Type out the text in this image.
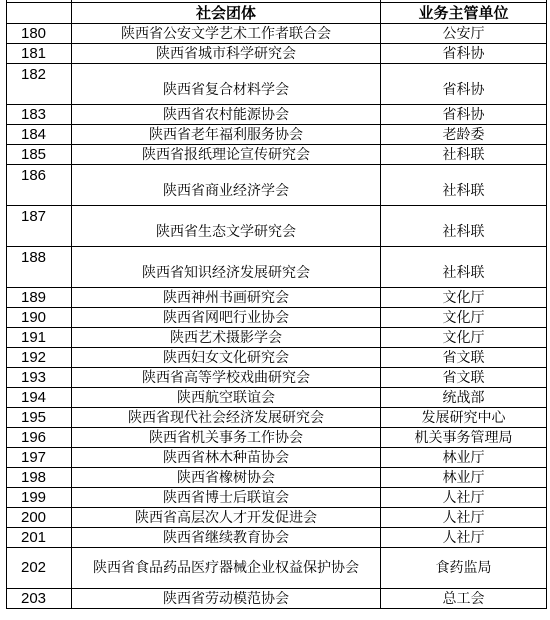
	社会团体	业务主管单位
180	陕西省公安文学艺术工作者联合会	公安厅
181	陕西省城市科学研究会	省科协
182	陕西省复合材料学会	省科协
183	陕西省农村能源协会	省科协
184	陕西省老年福利服务协会	老龄委
185	陕西省报纸理论宣传研究会	社科联
186	陕西省商业经济学会	社科联
187	陕西省生态文学研究会	社科联
188	陕西省知识经济发展研究会	社科联
189	陕西神州书画研究会	文化厅
190	陕西省网吧行业协会	文化厅
191	陕西艺术摄影学会	文化厅
192	陕西妇女文化研究会	省文联
193	陕西省高等学校戏曲研究会	省文联
194	陕西航空联谊会	统战部
195	陕西省现代社会经济发展研究会	发展研究中心
196	陕西省机关事务工作协会	机关事务管理局
197	陕西省林木种苗协会	林业厅
198	陕西省橡树协会	林业厅
199	陕西省博士后联谊会	人社厅
200	陕西省高层次人才开发促进会	人社厅
201	陕西省继续教育协会	人社厅
202	陕西省食品药品医疗器械企业权益保护协会	食药监局
203	陕西省劳动模范协会	总工会
